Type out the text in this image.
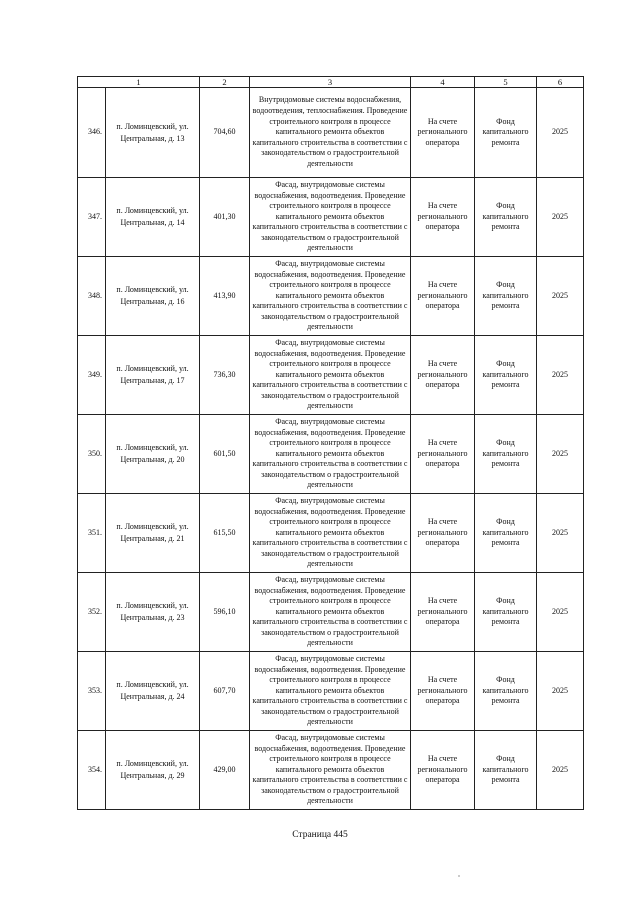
1		2	3	4	5	6
346.	п. Ломинцевский, ул. Центральная, д. 13	704,60	Внутридомовые системы водоснабжения, водоотведения, теплоснабжения. Проведение строительного контроля в процессе капитального ремонта объектов капитального строительства в соответствии с законодательством о градостроительной деятельности	На счете регионального оператора	Фонд капитального ремонта	2025
347.	п. Ломинцевский, ул. Центральная, д. 14	401,30	Фасад, внутридомовые системы водоснабжения, водоотведения. Проведение строительного контроля в процессе капитального ремонта объектов капитального строительства в соответствии с законодательством о градостроительной деятельности	На счете регионального оператора	Фонд капитального ремонта	2025
348.	п. Ломинцевский, ул. Центральная, д. 16	413,90	Фасад, внутридомовые системы водоснабжения, водоотведения. Проведение строительного контроля в процессе капитального ремонта объектов капитального строительства в соответствии с законодательством о градостроительной деятельности	На счете регионального оператора	Фонд капитального ремонта	2025
349.	п. Ломинцевский, ул. Центральная, д. 17	736,30	Фасад, внутридомовые системы водоснабжения, водоотведения. Проведение строительного контроля в процессе капитального ремонта объектов капитального строительства в соответствии с законодательством о градостроительной деятельности	На счете регионального оператора	Фонд капитального ремонта	2025
350.	п. Ломинцевский, ул. Центральная, д. 20	601,50	Фасад, внутридомовые системы водоснабжения, водоотведения. Проведение строительного контроля в процессе капитального ремонта объектов капитального строительства в соответствии с законодательством о градостроительной деятельности	На счете регионального оператора	Фонд капитального ремонта	2025
351.	п. Ломинцевский, ул. Центральная, д. 21	615,50	Фасад, внутридомовые системы водоснабжения, водоотведения. Проведение строительного контроля в процессе капитального ремонта объектов капитального строительства в соответствии с законодательством о градостроительной деятельности	На счете регионального оператора	Фонд капитального ремонта	2025
352.	п. Ломинцевский, ул. Центральная, д. 23	596,10	Фасад, внутридомовые системы водоснабжения, водоотведения. Проведение строительного контроля в процессе капитального ремонта объектов капитального строительства в соответствии с законодательством о градостроительной деятельности	На счете регионального оператора	Фонд капитального ремонта	2025
353.	п. Ломинцевский, ул. Центральная, д. 24	607,70	Фасад, внутридомовые системы водоснабжения, водоотведения. Проведение строительного контроля в процессе капитального ремонта объектов капитального строительства в соответствии с законодательством о градостроительной деятельности	На счете регионального оператора	Фонд капитального ремонта	2025
354.	п. Ломинцевский, ул. Центральная, д. 29	429,00	Фасад, внутридомовые системы водоснабжения, водоотведения. Проведение строительного контроля в процессе капитального ремонта объектов капитального строительства в соответствии с законодательством о градостроительной деятельности	На счете регионального оператора	Фонд капитального ремонта	2025
Страница 445
